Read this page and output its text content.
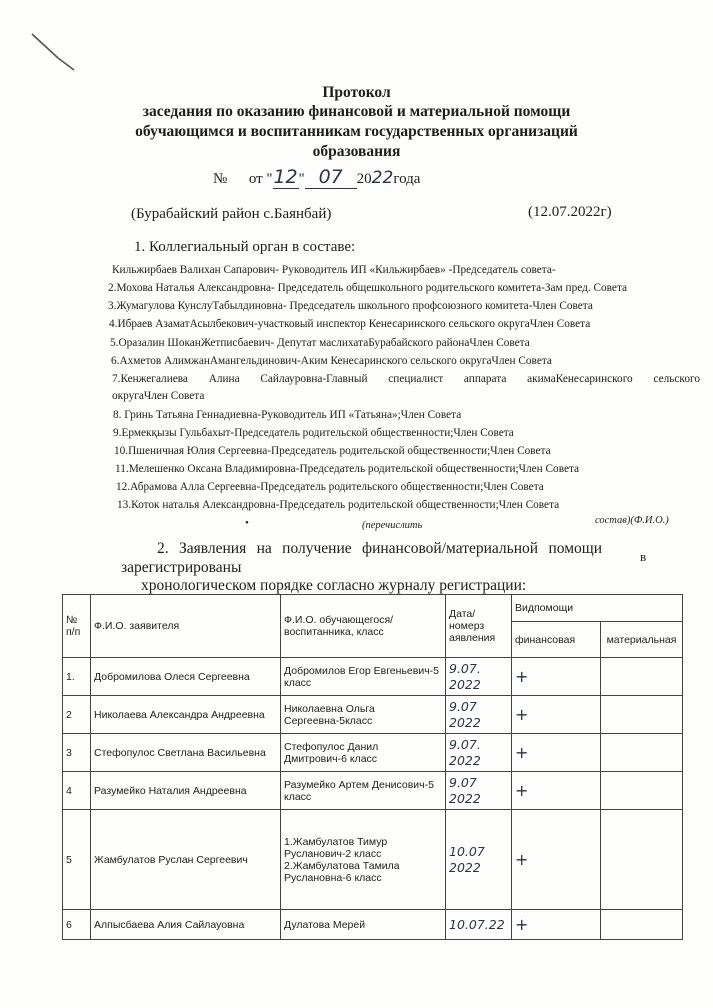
Протокол
заседания по оказанию финансовой и материальной помощи
обучающимся и воспитанникам государственных организаций
образования
№ от "12" 07 2022года
(Бурабайский район с.Баянбай)	(12.07.2022г)
1. Коллегиальный орган в составе:
Кильжирбаев Валихан Сапарович- Руководитель ИП «Кильжирбаев» -Председатель совета-
2.Мохова Наталья Александровна- Председатель общешкольного родительского комитета-Зам пред. Совета
3.Жумагулова КунслуТабылдиновна- Председатель школьного профсоюзного комитета-Член Совета
4.Ибраев АзаматАсылбекович-участковый инспектор Кенесаринского сельского округаЧлен Совета
5.Оразалин ШоканЖетписбаевич- Депутат маслихатаБурабайского районаЧлен Совета
6.Ахметов АлимжанАмангельдинович-Аким Кенесаринского сельского округаЧлен Совета
7.Кенжегалиева Алина Сайлауровна-Главный специалист аппарата акимаКенесаринского сельского
округаЧлен Совета
8. Гринь Татьяна Геннадиевна-Руководитель ИП «Татьяна»;Член Совета
9.Ермекқызы Гульбахыт-Председатель родительской общественности;Член Совета
10.Пшеничная Юлия Сергеевна-Председатель родительской общественности;Член Совета
11.Мелешенко Оксана Владимировна-Председатель родительской общественности;Член Совета
12.Абрамова Алла Сергеевна-Председатель родительского общественности;Член Совета
13.Коток наталья Александровна-Председатель родительской общественности;Член Совета
•	(перечислить	состав)(Ф.И.О.)
2. Заявления на получение финансовой/материальной помощи	в
зарегистрированы
хронологическом порядке согласно журналу регистрации:
№ п/п	Ф.И.О. заявителя	Ф.И.О. обучающегося/воспитанника, класс	Дата/номерз аявления	Видпомощи	
				финансовая	материальная
1.	Добромилова Олеся Сергеевна	Добромилов Егор Евгеньевич-5 класс	9.07. 2022	+	
2	Николаева Александра Андреевна	Николаевна Ольга Сергеевна-5класс	9.07 2022	+	
3	Стефопулос Светлана Васильевна	Стефопулос Данил Дмитрович-6 класс	9.07. 2022	+	
4	Разумейко Наталия Андреевна	Разумейко Артем Денисович-5 класс	9.07 2022	+	
5	Жамбулатов Руслан Сергеевич	1.Жамбулатов Тимур Русланович-2 класс 2.Жамбулатова Тамила Руслановна-6 класс	10.07 2022	+	
6	Алпысбаева Алия Сайлауовна	Дулатова Мерей	10.07.22	+	
